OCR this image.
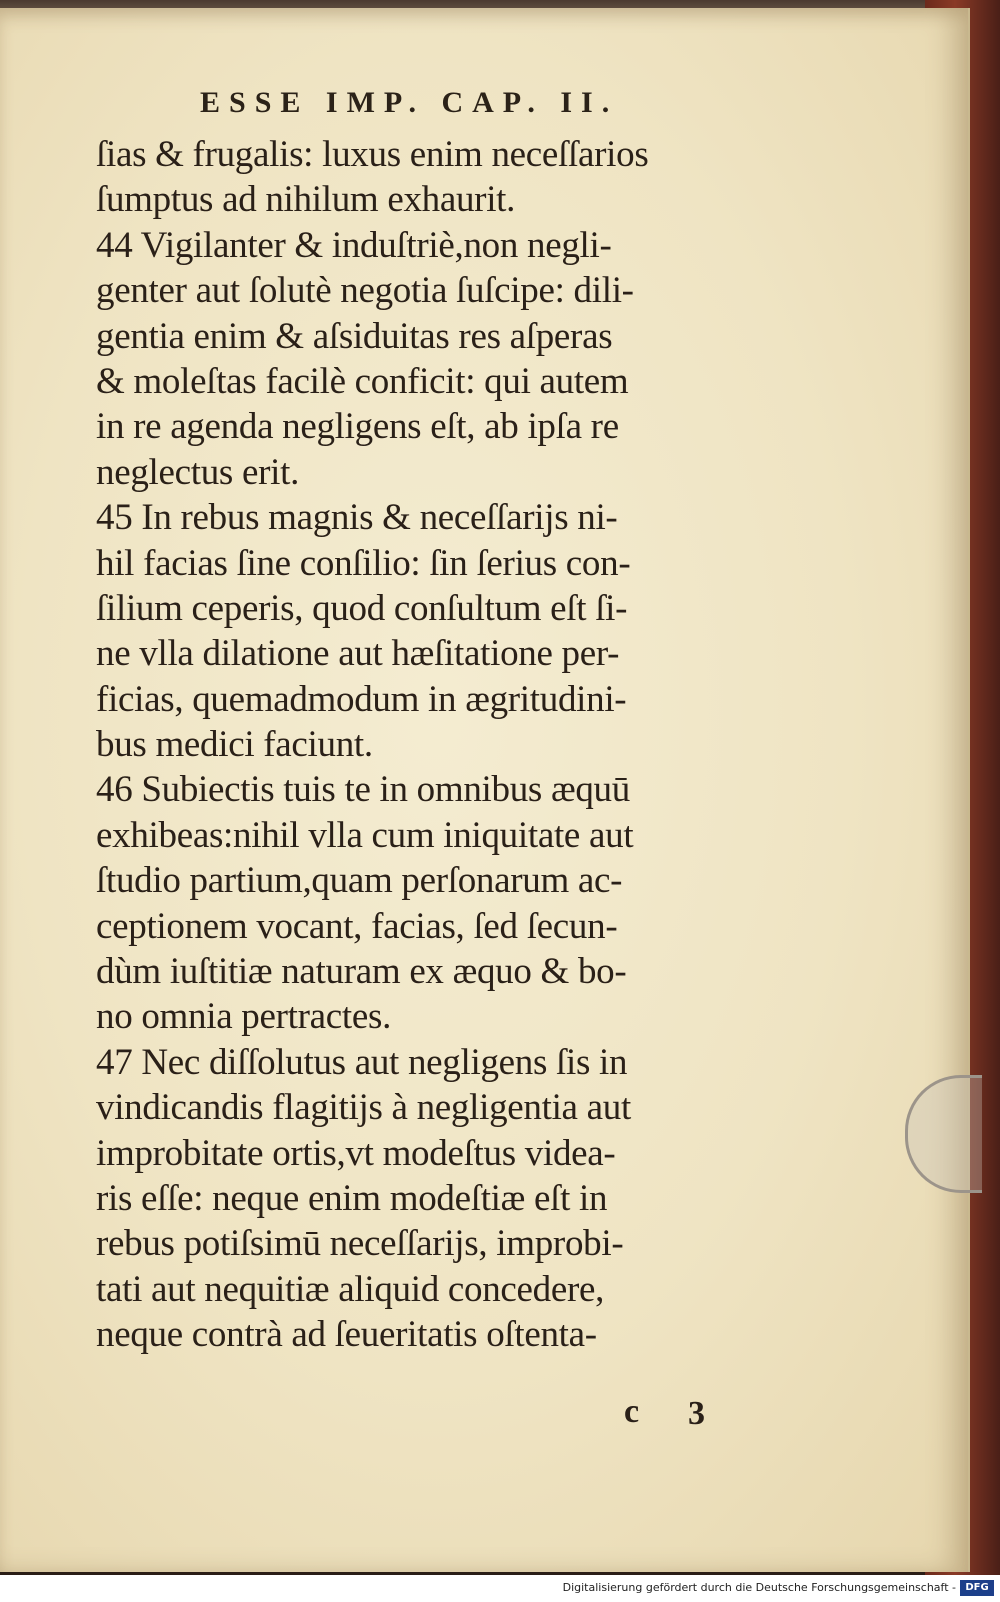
ESSE IMP. CAP. II.
ſias & frugalis: luxus enim neceſſarios
ſumptus ad nihilum exhaurit.
44 Vigilanter & induſtriè,non negli-
genter aut ſolutè negotia ſuſcipe: dili-
gentia enim & aſsiduitas res aſperas
& moleſtas facilè conficit: qui autem
in re agenda negligens eſt, ab ipſa re
neglectus erit.
45 In rebus magnis & neceſſarijs ni-
hil facias ſine conſilio: ſin ſerius con-
ſilium ceperis, quod conſultum eſt ſi-
ne vlla dilatione aut hæſitatione per-
ficias, quemadmodum in ægritudini-
bus medici faciunt.
46 Subiectis tuis te in omnibus æquū
exhibeas:nihil vlla cum iniquitate aut
ſtudio partium,quam perſonarum ac-
ceptionem vocant, facias, ſed ſecun-
dùm iuſtitiæ naturam ex æquo & bo-
no omnia pertractes.
47 Nec diſſolutus aut negligens ſis in
vindicandis flagitijs à negligentia aut
improbitate ortis,vt modeſtus videa-
ris eſſe: neque enim modeſtiæ eſt in
rebus potiſsimū neceſſarijs, improbi-
tati aut nequitiæ aliquid concedere,
neque contrà ad ſeueritatis oſtenta-
c 3
Digitalisierung gefördert durch die Deutsche Forschungsgemeinschaft - DFG
